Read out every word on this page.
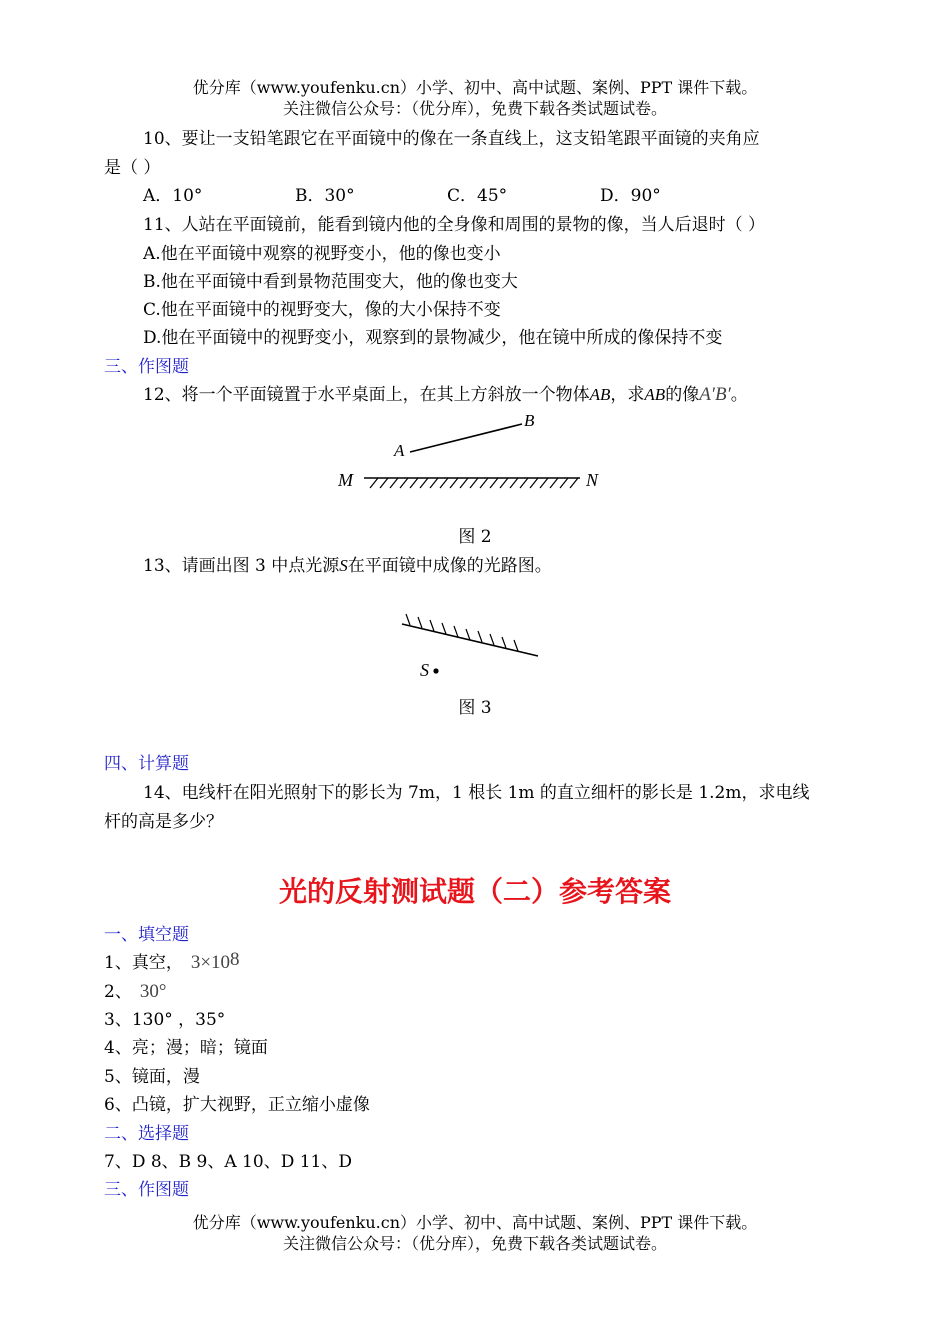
优分库（www.youfenku.cn）小学、初中、高中试题、案例、PPT 课件下载。
关注微信公众号：（优分库），免费下载各类试题试卷。
10、要让一支铅笔跟它在平面镜中的像在一条直线上，这支铅笔跟平面镜的夹角应
是（ ）
A．10°	B．30°	C．45°	D．90°
11、人站在平面镜前，能看到镜内他的全身像和周围的景物的像，当人后退时（ ）
A.他在平面镜中观察的视野变小，他的像也变小
B.他在平面镜中看到景物范围变大，他的像也变大
C.他在平面镜中的视野变大，像的大小保持不变
D.他在平面镜中的视野变小，观察到的景物减少，他在镜中所成的像保持不变
三、作图题
12、将一个平面镜置于水平桌面上，在其上方斜放一个物体AB，求AB的像A′B′。
A
B
M	N
图 2
13、请画出图 3 中点光源S在平面镜中成像的光路图。
S
图 3
四、计算题
14、电线杆在阳光照射下的影长为 7m，1 根长 1m 的直立细杆的影长是 1.2m，求电线
杆的高是多少？
光的反射测试题（二）参考答案
一、填空题
1、真空， 3×108
2、 30°
3、130° ，35°
4、亮；漫；暗；镜面
5、镜面，漫
6、凸镜，扩大视野，正立缩小虚像
二、选择题
7、D 8、B 9、A 10、D 11、D
三、作图题
优分库（www.youfenku.cn）小学、初中、高中试题、案例、PPT 课件下载。
关注微信公众号：（优分库），免费下载各类试题试卷。
